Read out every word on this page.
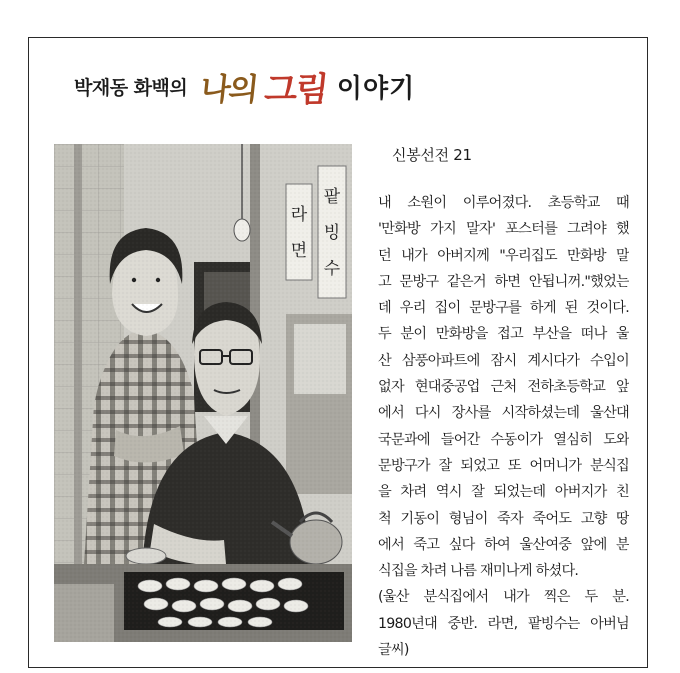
박재동 화백의 나의 그림 이야기
신봉선전 21
내 소원이 이루어졌다. 초등학교 때
'만화방 가지 말자' 포스터를 그려야 했
던 내가 아버지께 "우리집도 만화방 말
고 문방구 같은거 하면 안됩니꺼."했었는
데 우리 집이 문방구를 하게 된 것이다.
두 분이 만화방을 접고 부산을 떠나 울
산 삼풍아파트에 잠시 계시다가 수입이
없자 현대중공업 근처 전하초등학교 앞
에서 다시 장사를 시작하셨는데 울산대
국문과에 들어간 수동이가 열심히 도와
문방구가 잘 되었고 또 어머니가 분식집
을 차려 역시 잘 되었는데 아버지가 친
척 기동이 형님이 죽자 죽어도 고향 땅
에서 죽고 싶다 하여 울산여중 앞에 분
식집을 차려 나름 재미나게 하셨다.
(울산 분식집에서 내가 찍은 두 분.
1980년대 중반. 라면, 팥빙수는 아버님
글씨)
